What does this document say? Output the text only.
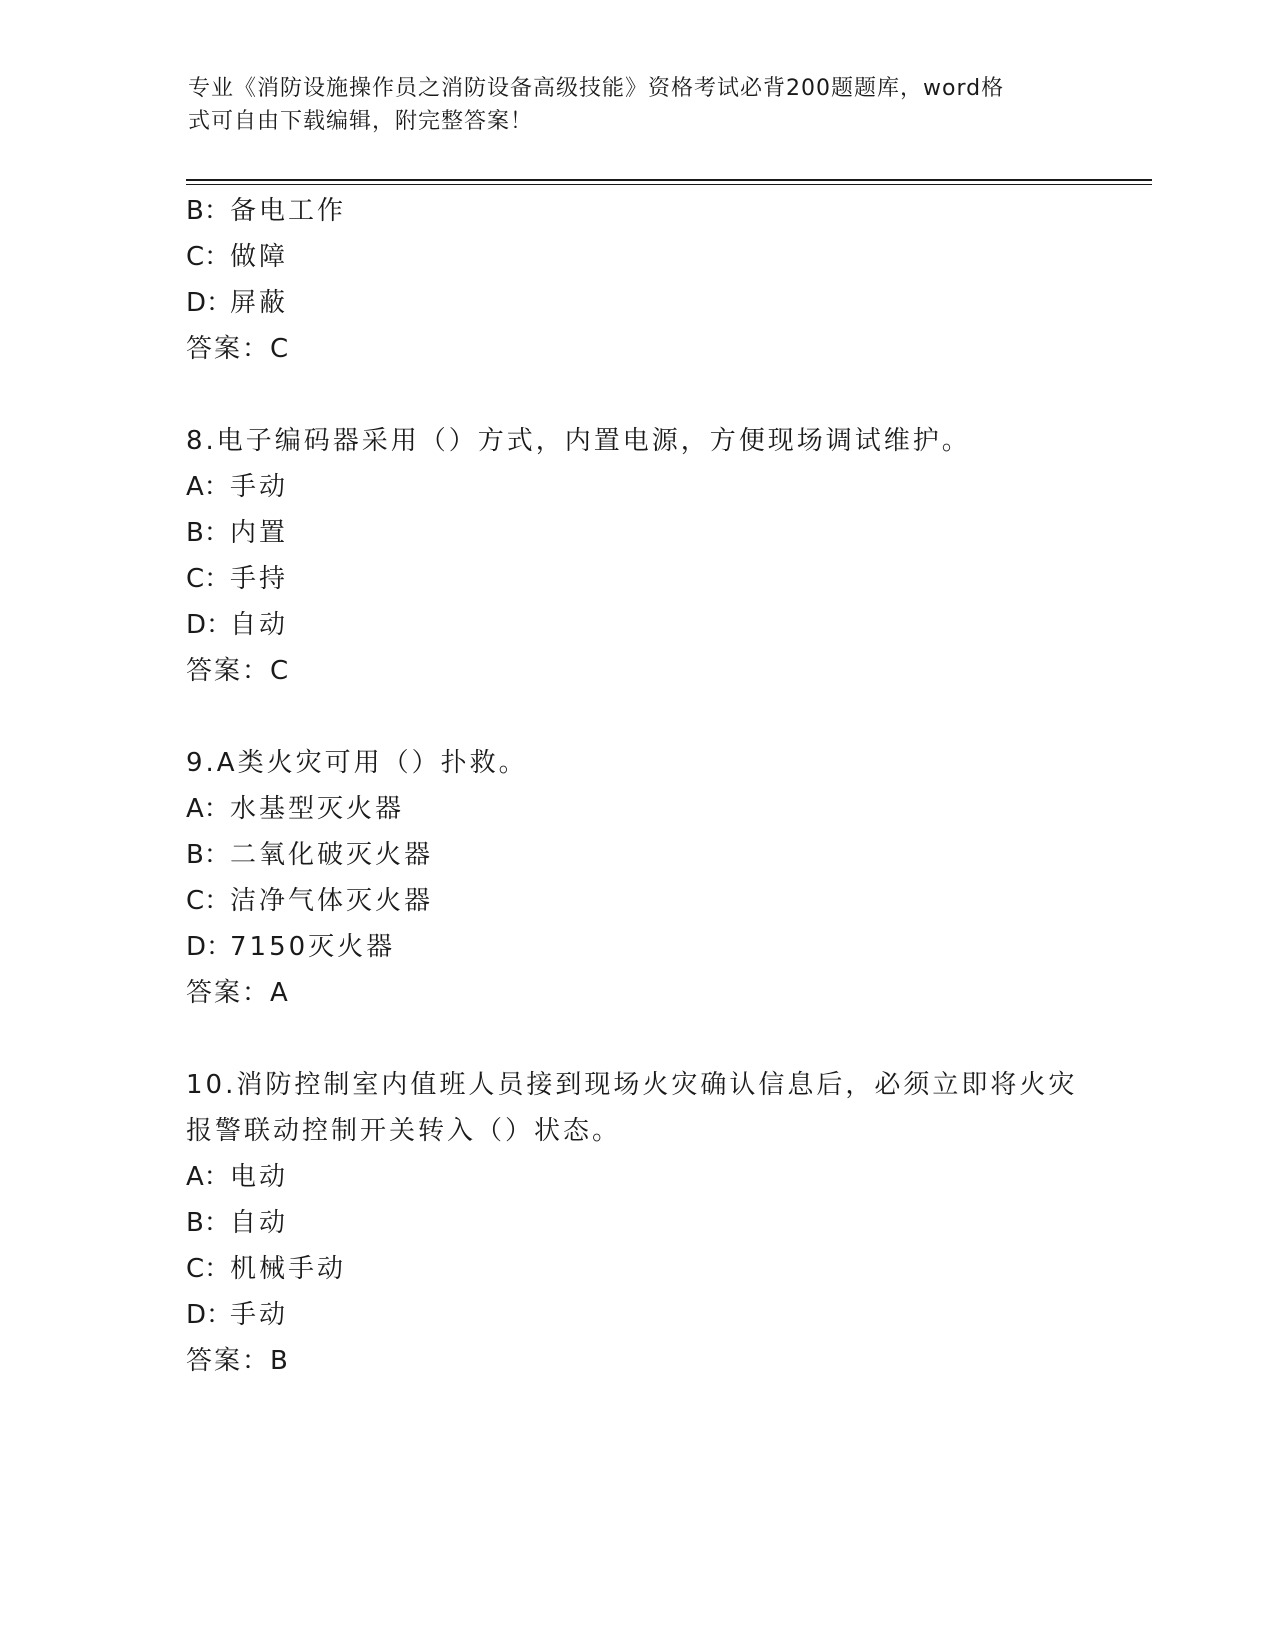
专业《消防设施操作员之消防设备高级技能》资格考试必背200题题库，word格
式可自由下载编辑，附完整答案！
B：备电工作
C：做障
D：屏蔽
答案：C
8.电子编码器采用（）方式，内置电源，方便现场调试维护。
A：手动
B：内置
C：手持
D：自动
答案：C
9.A类火灾可用（）扑救。
A：水基型灭火器
B：二氧化破灭火器
C：洁净气体灭火器
D：7150灭火器
答案：A
10.消防控制室内值班人员接到现场火灾确认信息后，必须立即将火灾
报警联动控制开关转入（）状态。
A：电动
B：自动
C：机械手动
D：手动
答案：B
